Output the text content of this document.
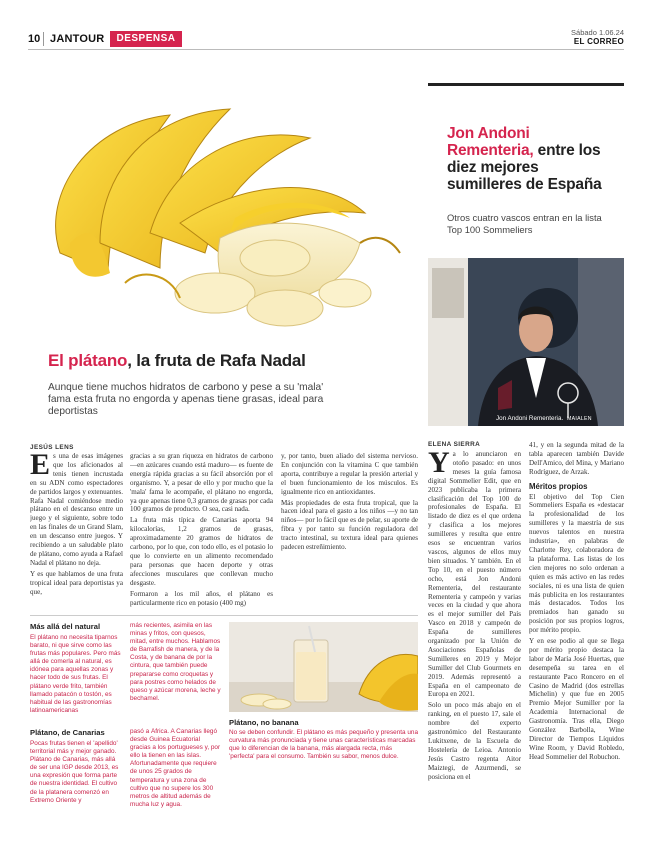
10 JANTOUR	DESPENSA
Sábado 1.06.24
EL CORREO
El plátano, la fruta de Rafa Nadal
Aunque tiene muchos hidratos de carbono y pese a su 'mala' fama esta fruta no engorda y apenas tiene grasas, ideal para deportistas
JESÚS LENS
E s una de esas imágenes que los aficionados al tenis tienen incrustada en su ADN como espectadores de partidos largos y extenuantes. Rafa Nadal comiéndose medio plátano en el descanso entre un juego y el siguiente, sobre todo en las finales de un Grand Slam, en un descanso entre juegos. Y recibiendo a un saludable plato de plátano, como ayuda a Rafael Nadal el plátano no deja.

Y es que hablamos de una fruta tropical ideal para deportistas ya que,

gracias a su gran riqueza en hidratos de carbono —en azúcares cuando está maduro— es fuente de energía rápida gracias a su fácil absorción por el organismo. Y, a pesar de ello y por mucho que la 'mala' fama le acompañe, el plátano no engorda, ya que apenas tiene 0,3 gramos de grasas por cada 100 gramos de producto. O sea, casi nada.

La fruta más típica de Canarias aporta 94 kilocalorías, 1,2 gramos de grasas, aproximadamente 20 gramos de hidratos de carbono, por lo que, con todo ello, es el potasio lo que lo convierte en un alimento recomendado para personas que hacen deporte y otras afecciones musculares que conllevan mucho desgaste.

Formaron a los mil años, el plátano es particularmente rico en potasio (400 mg)

y, por tanto, buen aliado del sistema nervioso. En conjunción con la vitamina C que también aporta, contribuye a regular la presión arterial y el buen funcionamiento de los músculos. Es igualmente rico en antioxidantes.

Más propiedades de esta fruta tropical, que la hacen ideal para el gasto a los niños —y no tan niños— por lo fácil que es de pelar, su aporte de fibra y por tanto su función reguladora del tracto intestinal, su textura ideal para quienes padecen estreñimiento.

Más allá del natural
El plátano no necesita tiparnos barato, ni que sirve como las frutas más populares. Pero más allá de comerla al natural, es idónea para aquellas zonas y hacer todo de sus frutas. El plátano verde frito, también llamado patacón o tostón, es habitual de las gastronomías latinoamericanas
Plátano, de Canarias
Pocas frutas tienen el 'apellido' territorial más y mejor ganado. Plátano de Canarias, más allá de ser una IGP desde 2013, es una expresión que forma parte de nuestra identidad. El cultivo de la platanera comenzó en Extremo Oriente y
más recientes, asimila en las minas y fritos, con quesos, mitad, entre muchos. Hablamos de Barrafish de manera, y de la Costa, y de banana de por la cintura, que también puede prepararse como croquetas y para postres como helados de queso y azúcar morena, leche y bechamel.
pasó a África. A Canarias llegó desde Guinea Ecuatorial gracias a los portugueses y, por ello la tienen en las islas. Afortunadamente que requiere de unos 25 grados de temperatura y una zona de cultivo que no supere los 300 metros de altitud además de mucha luz y agua.
Plátano, no banana
No se deben confundir. El plátano es más pequeño y presenta una curvatura más pronunciada y tiene unas características marcadas que lo diferencian de la banana, más alargada recta, más 'perfecta' para el consumo. También su sabor, menos dulce.
Jon Andoni Rementeria, entre los diez mejores sumilleres de España
Otros cuatro vascos entran en la lista Top 100 Sommeliers
Jon Andoni Rementeria. MAIALEN
ELENA SIERRA
Y a lo anunciaron en otoño pasado: en unos meses la guía famosa digital Sommelier Edit, que en 2023 publicaba la primera clasificación del Top 100 de profesionales de España. El listado de diez es el que ordena y clasifica a los mejores sumilleres y resulta que entre esos se encuentran varios vascos, algunos de ellos muy bien situados. Y también. En el Top 10, en el puesto número ocho, está Jon Andoni Rementeria, del restaurante Rementeria y campeón y varias veces en la ciudad y que ahora es el mejor sumiller del País Vasco en 2018 y campeón de España de sumilleres organizado por la Unión de Asociaciones Españolas de Sumilleres en 2019 y Mejor Sumiller del Club Gourmets en 2019. Además representó a España en el campeonato de Europa en 2021.

Solo un poco más abajo en el ranking, en el puesto 17, sale el nombre del experto gastronómico del Restaurante Lukitxene, de la Escuela de Hostelería de Leioa. Antonio Jesús Castro regenta Aitor Maiztegi, de Azurmendi, se posiciona en el

41, y en la segunda mitad de la tabla aparecen también Davide Dell'Amico, del Mina, y Mariano Rodríguez, de Arzak.

Méritos propios

El objetivo del Top Cien Sommeliers España es «destacar la profesionalidad de los sumilleres y la maestría de sus nuevos talentos en nuestra industria», en palabras de Charlotte Rey, colaboradora de la plataforma. Las listas de los cien mejores no solo ordenan a quien es más activo en las redes sociales, ni es una lista de quien más publicita en los restaurantes más destacados. Todos los premiados han ganado su posición por sus propios logros, por mérito propio.

Y en ese podio al que se llega por mérito propio destaca la labor de María José Huertas, que desempeña su tarea en el restaurante Paco Roncero en el Casino de Madrid (dos estrellas Michelin) y que fue en 2005 Premio Mejor Sumiller por la Academia Internacional de Gastronomía. Tras ella, Diego González Barbolla, Wine Director de Tiempos Líquidos Wine Room, y David Robledo, Head Sommelier del Robuchon.
